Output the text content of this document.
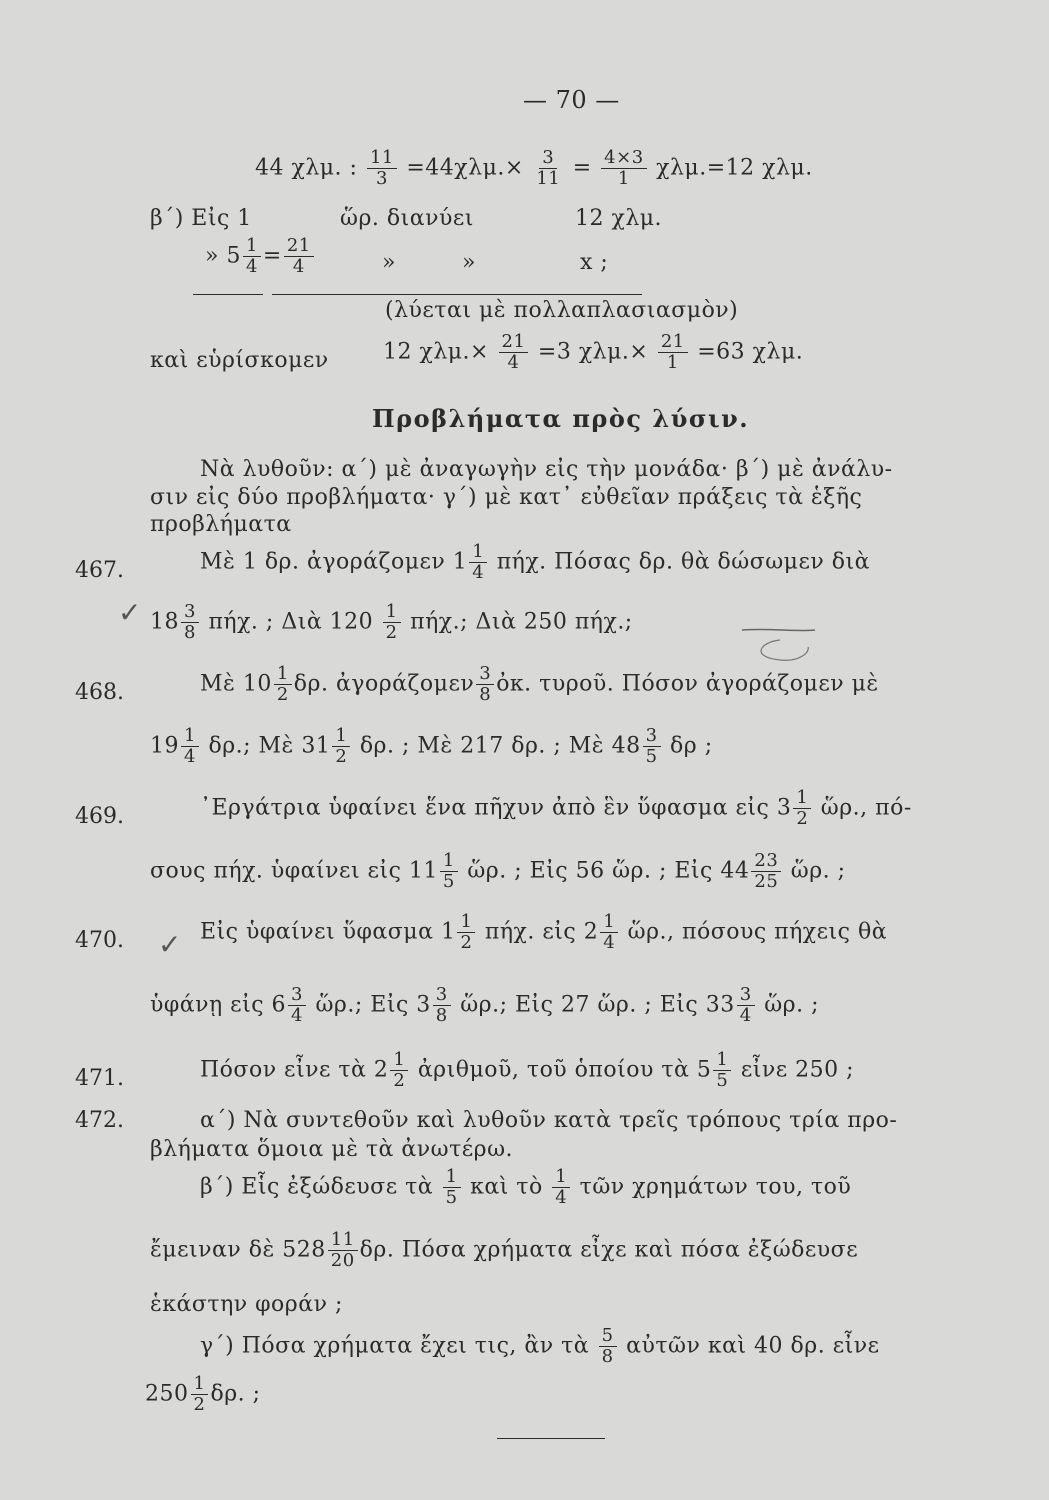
— 70 —
44 χλμ. : $\frac{11}{3} =44\chi\lambda\mu.\times \frac{3}{11} = \frac{4\times 3}{1} \chi\lambda\mu.=12$ χλμ.
β΄) Εἰς 1	ὥρ. διανύει	12 χλμ.
» $5 \frac{1}{4} = \frac{21}{4}$	»	»	x ;
(λύεται μὲ πολλαπλασιασμὸν)
καὶ εὑρίσκομεν 12 $\chi\lambda\mu.\times \frac{21}{4} =3$ $\chi\lambda\mu.\times \frac{21}{1} =63$ χλμ.
Προβλήματα πρὸς λύσιν.
Νὰ λυθοῦν: α΄) μὲ ἀναγωγὴν εἰς τὴν μονάδα· β΄) μὲ ἀνάλυ-
σιν εἰς δύο προβλήματα· γ΄) μὲ κατ᾽ εὐθεῖαν πράξεις τὰ ἑξῆς
προβλήματα
467.	Μὲ 1 δρ. ἀγοράζομεν $1 \frac{1}{4} \pi ή\chi$. Πόσας δρ. θὰ δώσωμεν διὰ
✓ $18 \frac{3}{8} \pi ή\chi$. ; Διὰ $120 \frac{1}{2} \pi ή\chi$.; Διὰ 250 πήχ.;
468.	Μὲ $10 \frac{1}{2} \delta\rho$. ἀγοράζομεν $\frac{3}{8}$ ὀκ. τυροῦ. Πόσον ἀγοράζομεν μὲ
$19 \frac{1}{4} \delta\rho$.; Μὲ $31 \frac{1}{2} \delta\rho$. ; Μὲ 217 δρ. ; Μὲ $48 \frac{3}{5}$ δρ ;
469.	᾽Εργάτρια ὑφαίνει ἕνα πῆχυν ἀπὸ ἓν ὕφασμα εἰς $3 \frac{1}{2}$ ὥρ., πό-
σους πήχ. ὑφαίνει εἰς $11 \frac{1}{5}$ ὥρ. ; Εἰς 56 ὥρ. ; Εἰς $44 \frac{23}{25}$ ὥρ. ;
470. ✓ Εἰς ὑφαίνει ὕφασμα $1 \frac{1}{2} \pi ή\chi$. εἰς $2 \frac{1}{4}$ ὥρ., πόσους πήχεις θὰ
ὑφάνῃ εἰς $6 \frac{3}{4}$ ὥρ.; Εἰς $3 \frac{3}{8}$ ὥρ.; Εἰς 27 ὥρ. ; Εἰς $33 \frac{3}{4}$ ὥρ. ;
471.	Πόσον εἶνε τὰ $2 \frac{1}{2}$ ἀριθμοῦ, τοῦ ὁποίου τὰ $5 \frac{1}{5}$ εἶνε 250 ;
472.	α΄) Νὰ συντεθοῦν καὶ λυθοῦν κατὰ τρεῖς τρόπους τρία προ-
βλήματα ὅμοια μὲ τὰ ἀνωτέρω.
β΄) Εἷς ἐξώδευσε τὰ $\frac{1}{5}$ καὶ τὸ $\frac{1}{4}$ τῶν χρημάτων του, τοῦ
ἔμειναν δὲ $528 \frac{11}{20} \delta\rho$. Πόσα χρήματα εἶχε καὶ πόσα ἐξώδευσε
ἑκάστην φοράν ;
γ΄) Πόσα χρήματα ἔχει τις, ἂν τὰ $\frac{5}{8}$ αὐτῶν καὶ 40 δρ. εἶνε
$250 \frac{1}{2} \delta\rho$. ;
